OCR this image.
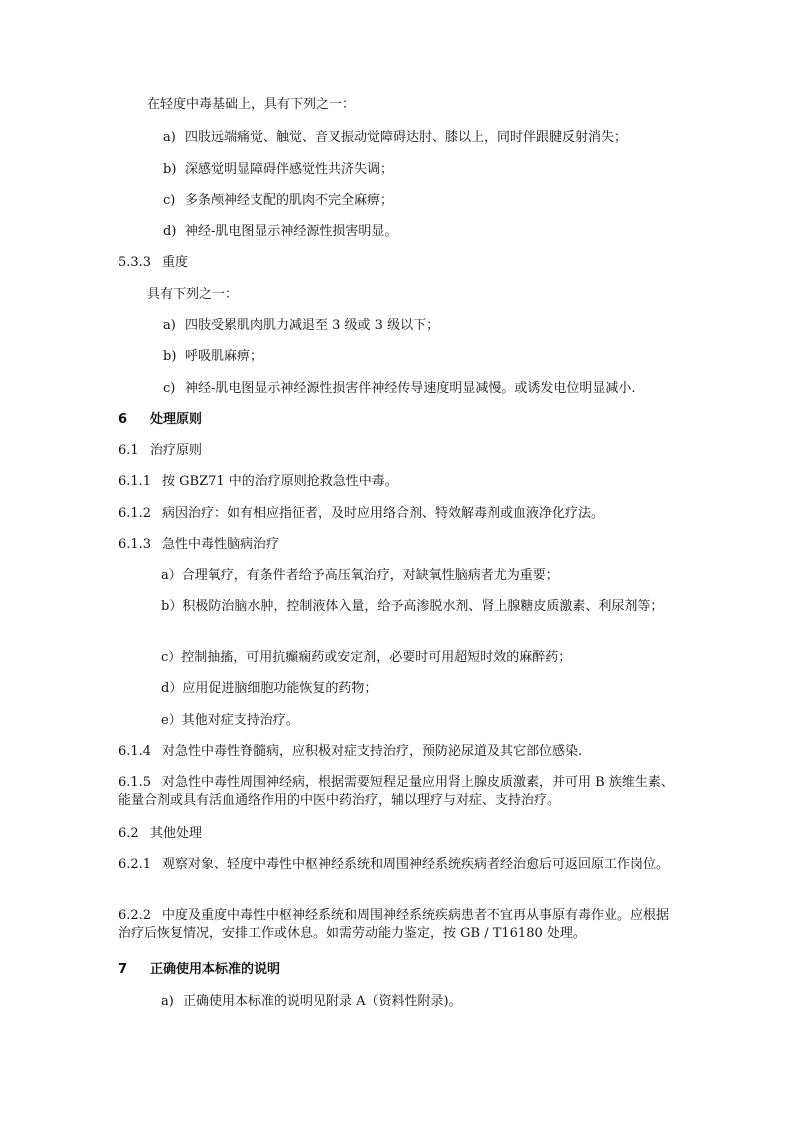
在轻度中毒基础上，具有下列之一：
a) 四肢远端痛觉、触觉、音叉振动觉障碍达肘、膝以上，同时伴跟腱反射消失；
b) 深感觉明显障碍伴感觉性共济失调；
c) 多条颅神经支配的肌肉不完全麻痹；
d) 神经-肌电图显示神经源性损害明显。
5.3.3 重度
具有下列之一：
a) 四肢受累肌肉肌力减退至 3 级或 3 级以下；
b) 呼吸肌麻痹；
c) 神经-肌电图显示神经源性损害伴神经传导速度明显减慢。或诱发电位明显减小.
6 处理原则
6.1 治疗原则
6.1.1 按 GBZ71 中的治疗原则抢救急性中毒。
6.1.2 病因治疗：如有相应指征者，及时应用络合剂、特效解毒剂或血液净化疗法。
6.1.3 急性中毒性脑病治疗
a）合理氧疗，有条件者给予高压氧治疗，对缺氧性脑病者尤为重要；
b）积极防治脑水肿，控制液体入量，给予高渗脱水剂、肾上腺糖皮质激素、利尿剂等；
c）控制抽搐，可用抗癫痫药或安定剂，必要时可用超短时效的麻醉药；
d）应用促进脑细胞功能恢复的药物；
e）其他对症支持治疗。
6.1.4 对急性中毒性脊髓病，应积极对症支持治疗，预防泌尿道及其它部位感染.
6.1.5 对急性中毒性周围神经病，根据需要短程足量应用肾上腺皮质激素，并可用 B 族维生素、能量合剂或具有活血通络作用的中医中药治疗，辅以理疗与对症、支持治疗。
6.2 其他处理
6.2.1 观察对象、轻度中毒性中枢神经系统和周围神经系统疾病者经治愈后可返回原工作岗位。
6.2.2 中度及重度中毒性中枢神经系统和周围神经系统疾病患者不宜再从事原有毒作业。应根据治疗后恢复情况，安排工作或休息。如需劳动能力鉴定，按 GB / T16180 处理。
7 正确使用本标准的说明
a) 正确使用本标准的说明见附录 A（资料性附录)。
